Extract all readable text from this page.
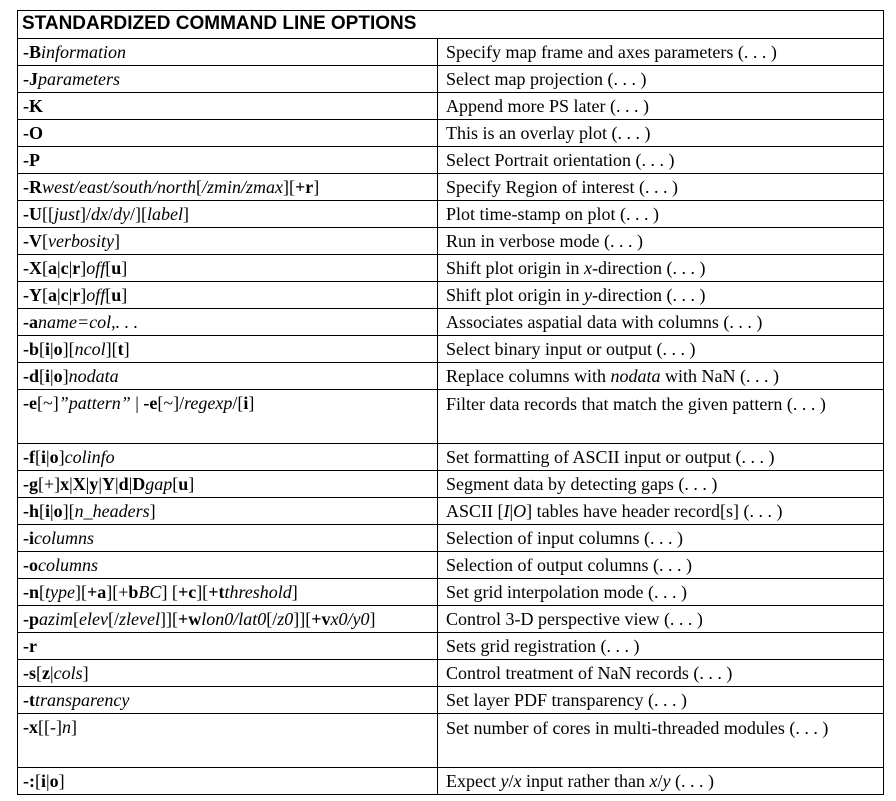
STANDARDIZED COMMAND LINE OPTIONS	
-Binformation	Specify map frame and axes parameters (. . . )
-Jparameters	Select map projection (. . . )
-K	Append more PS later (. . . )
-O	This is an overlay plot (. . . )
-P	Select Portrait orientation (. . . )
-Rwest/east/south/north[/zmin/zmax][+r]	Specify Region of interest (. . . )
-U[[just]/dx/dy/][label]	Plot time-stamp on plot (. . . )
-V[verbosity]	Run in verbose mode (. . . )
-X[a|c|r]off[u]	Shift plot origin in x-direction (. . . )
-Y[a|c|r]off[u]	Shift plot origin in y-direction (. . . )
-aname=col,. . .	Associates aspatial data with columns (. . . )
-b[i|o][ncol][t]	Select binary input or output (. . . )
-d[i|o]nodata	Replace columns with nodata with NaN (. . . )
-e[~]”pattern” | -e[~]/regexp/[i]	Filter data records that match the given pattern (. . . )
-f[i|o]colinfo	Set formatting of ASCII input or output (. . . )
-g[+]x|X|y|Y|d|Dgap[u]	Segment data by detecting gaps (. . . )
-h[i|o][n_headers]	ASCII [I|O] tables have header record[s] (. . . )
-icolumns	Selection of input columns (. . . )
-ocolumns	Selection of output columns (. . . )
-n[type][+a][+bBC] [+c][+tthreshold]	Set grid interpolation mode (. . . )
-pazim[elev[/zlevel]][+wlon0/lat0[/z0]][+vx0/y0]	Control 3-D perspective view (. . . )
-r	Sets grid registration (. . . )
-s[z|cols]	Control treatment of NaN records (. . . )
-ttransparency	Set layer PDF transparency (. . . )
-x[[-]n]	Set number of cores in multi-threaded modules (. . . )
-:[i|o]	Expect y/x input rather than x/y (. . . )
